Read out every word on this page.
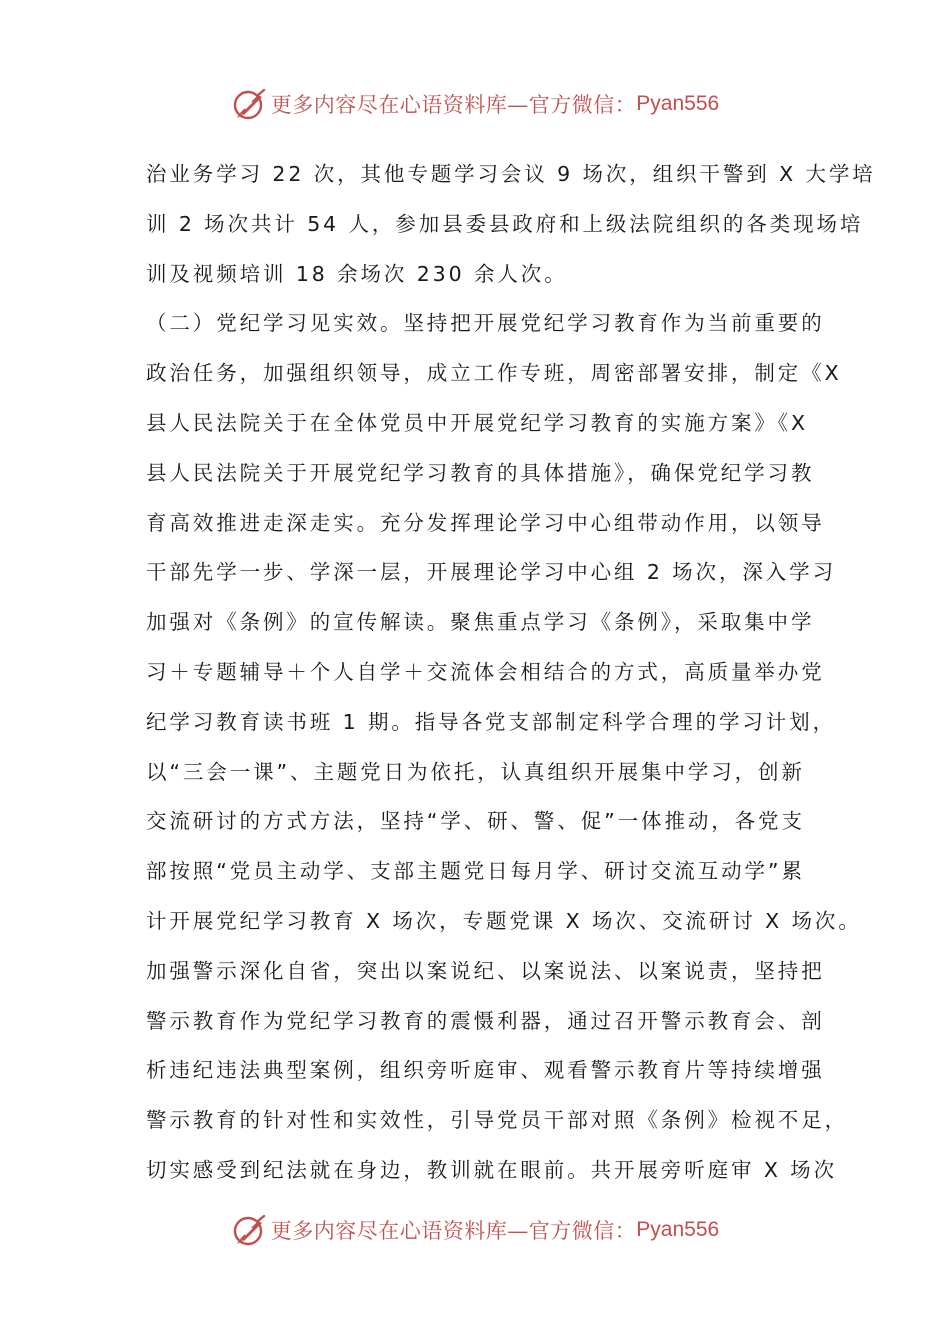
更多内容尽在心语资料库—官方微信： Pyan556
治业务学习 22 次，其他专题学习会议 9 场次，组织干警到 X 大学培
训 2 场次共计 54 人，参加县委县政府和上级法院组织的各类现场培
训及视频培训 18 余场次 230 余人次。
（二）党纪学习见实效。坚持把开展党纪学习教育作为当前重要的
政治任务，加强组织领导，成立工作专班，周密部署安排，制定《X
县人民法院关于在全体党员中开展党纪学习教育的实施方案》《X
县人民法院关于开展党纪学习教育的具体措施》，确保党纪学习教
育高效推进走深走实。充分发挥理论学习中心组带动作用，以领导
干部先学一步、学深一层，开展理论学习中心组 2 场次，深入学习
加强对《条例》的宣传解读。聚焦重点学习《条例》，采取集中学
习＋专题辅导＋个人自学＋交流体会相结合的方式，高质量举办党
纪学习教育读书班 1 期。指导各党支部制定科学合理的学习计划，
以“三会一课”、主题党日为依托，认真组织开展集中学习，创新
交流研讨的方式方法，坚持“学、研、警、促”一体推动，各党支
部按照“党员主动学、支部主题党日每月学、研讨交流互动学”累
计开展党纪学习教育 X 场次，专题党课 X 场次、交流研讨 X 场次。
加强警示深化自省，突出以案说纪、以案说法、以案说责，坚持把
警示教育作为党纪学习教育的震慑利器，通过召开警示教育会、剖
析违纪违法典型案例，组织旁听庭审、观看警示教育片等持续增强
警示教育的针对性和实效性，引导党员干部对照《条例》检视不足，
切实感受到纪法就在身边，教训就在眼前。共开展旁听庭审 X 场次
更多内容尽在心语资料库—官方微信： Pyan556
